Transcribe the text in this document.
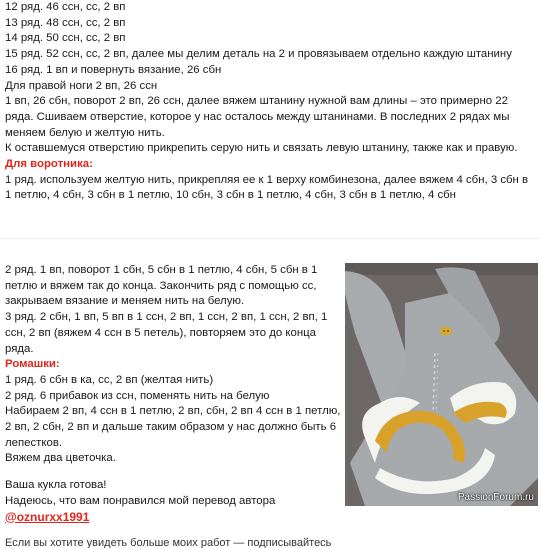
12 ряд. 46 ссн, сс, 2 вп
13 ряд. 48 ссн, сс, 2 вп
14 ряд. 50 ссн, сс, 2 вп
15 ряд. 52 ссн, сс, 2 вп, далее мы делим деталь на 2 и провязываем отдельно каждую штанину
16 ряд. 1 вп и повернуть вязание, 26 сбн
Для правой ноги 2 вп, 26 ссн
1 вп, 26 сбн, поворот 2 вп, 26 ссн, далее вяжем штанину нужной вам длины – это примерно 22 ряда. Сшиваем отверстие, которое у нас осталось между штанинами. В последних 2 рядах мы меняем белую и желтую нить.
К оставшемуся отверстию прикрепить серую нить и связать левую штанину, также как и правую.
Для воротника:
1 ряд. используем желтую нить, прикрепляя ее к 1 верху комбинезона, далее вяжем 4 сбн, 3 сбн в 1 петлю, 4 сбн, 3 сбн в 1 петлю, 10 сбн, 3 сбн в 1 петлю, 4 сбн, 3 сбн в 1 петлю, 4 сбн
2 ряд. 1 вп, поворот 1 сбн, 5 сбн в 1 петлю, 4 сбн, 5 сбн в 1 петлю и вяжем так до конца. Закончить ряд с помощью сс, закрываем вязание и меняем нить на белую.
3 ряд. 2 сбн, 1 вп, 5 вп в 1 ссн, 2 вп, 1 ссн, 2 вп, 1 ссн, 2 вп, 1 ссн, 2 вп (вяжем 4 ссн в 5 петель), повторяем это до конца ряда.
Ромашки:
1 ряд. 6 сбн в ка, сс, 2 вп (желтая нить)
2 ряд. 6 прибавок из ссн, поменять нить на белую
Набираем 2 вп, 4 ссн в 1 петлю, 2 вп, сбн, 2 вп 4 ссн в 1 петлю, 2 вп, 2 сбн, 2 вп и дальше таким образом у нас должно быть 6 лепестков.
Вяжем два цветочка.
Ваша кукла готова!
Надеюсь, что вам понравился мой перевод автора
@oznurxx1991
PassionForum.ru
Если вы хотите увидеть больше моих работ — подписывайтесь
